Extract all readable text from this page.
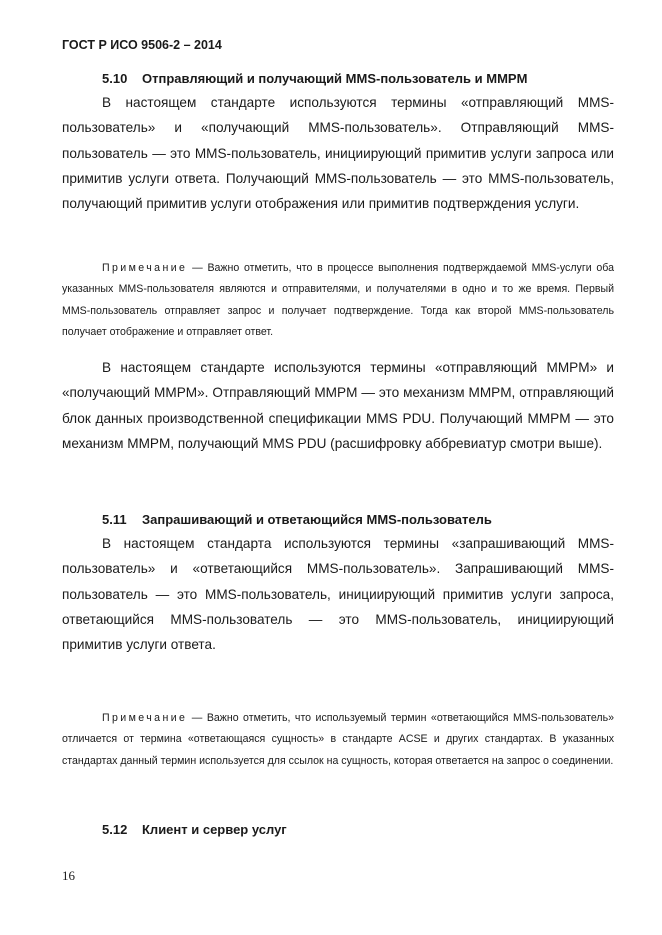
ГОСТ Р ИСО 9506-2 – 2014
5.10 Отправляющий и получающий MMS-пользователь и MMPM

В настоящем стандарте используются термины «отправляющий MMS-пользователь» и «получающий MMS-пользователь». Отправляющий MMS-пользователь — это MMS-пользователь, инициирующий примитив услуги запроса или примитив услуги ответа. Получающий MMS-пользователь — это MMS-пользователь, получающий примитив услуги отображения или примитив подтверждения услуги.

Примечание — Важно отметить, что в процессе выполнения подтверждаемой MMS-услуги оба указанных MMS-пользователя являются и отправителями, и получателями в одно и то же время. Первый MMS-пользователь отправляет запрос и получает подтверждение. Тогда как второй MMS-пользователь получает отображение и отправляет ответ.

В настоящем стандарте используются термины «отправляющий MMPM» и «получающий MMPM». Отправляющий MMPM — это механизм MMPM, отправляющий блок данных производственной спецификации MMS PDU. Получающий MMPM — это механизм MMPM, получающий MMS PDU (расшифровку аббревиатур смотри выше).

5.11 Запрашивающий и ответающийся MMS-пользователь

В настоящем стандарта используются термины «запрашивающий MMS-пользователь» и «ответающийся MMS-пользователь». Запрашивающий MMS-пользователь — это MMS-пользователь, инициирующий примитив услуги запроса, ответающийся MMS-пользователь — это MMS-пользователь, инициирующий примитив услуги ответа.

Примечание — Важно отметить, что используемый термин «ответающийся MMS-пользователь» отличается от термина «ответающаяся сущность» в стандарте ACSE и других стандартах. В указанных стандартах данный термин используется для ссылок на сущность, которая ответается на запрос о соединении.

5.12 Клиент и сервер услуг
16
